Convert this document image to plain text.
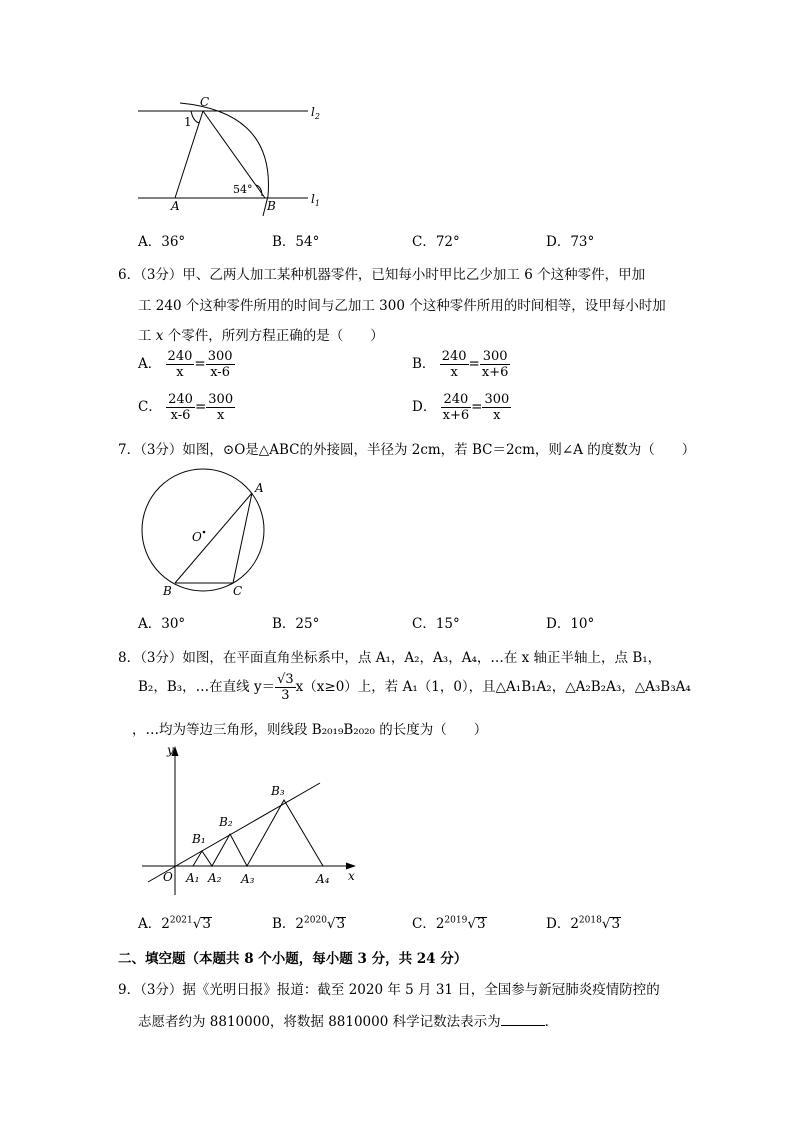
C
1
$l_2$
$l_1$
54°
A	B
A．36°	B．54°	C．72°	D．73°
6．（3分）甲、乙两人加工某种机器零件，已知每小时甲比乙少加工 6 个这种零件，甲加
工 240 个这种零件所用的时间与乙加工 300 个这种零件所用的时间相等，设甲每小时加
工 x 个零件，所列方程正确的是（　　）
A． $\frac{240}{x} = \frac{300}{x-6}$	B． $\frac{240}{x} = \frac{300}{x+6}$
C． $\frac{240}{x-6} = \frac{300}{x}$	D． $\frac{240}{x+6} = \frac{300}{x}$
7．（3分）如图，⊙O是△ABC的外接圆，半径为 2cm，若 BC＝2cm，则∠A 的度数为（　　）
A
O
B	C
A．30°	B．25°	C．15°	D．10°
8．（3分）如图，在平面直角坐标系中，点 A₁，A₂，A₃，A₄，…在 x 轴正半轴上，点 B₁，
B₂，B₃，…在直线 $y= \frac{√3}{3} x(x\ge 0)$上，若 A₁（1，0），且△A₁B₁A₂，△A₂B₂A₃，△A₃B₃A₄
，…均为等边三角形，则线段 B₂₀₁₉B₂₀₂₀ 的长度为（　　）
y
x
O A₁ A₂ A₃	A₄
B₁
B₂
B₃
A．$2^{2021}√3$	B．$2^{2020}√3$	C．$2^{2019}√3$	D．$2^{2018}√3$
二、填空题（本题共 8 个小题，每小题 3 分，共 24 分）
9．（3分）据《光明日报》报道：截至 2020 年 5 月 31 日，全国参与新冠肺炎疫情防控的
志愿者约为 8810000，将数据 8810000 科学记数法表示为	．
